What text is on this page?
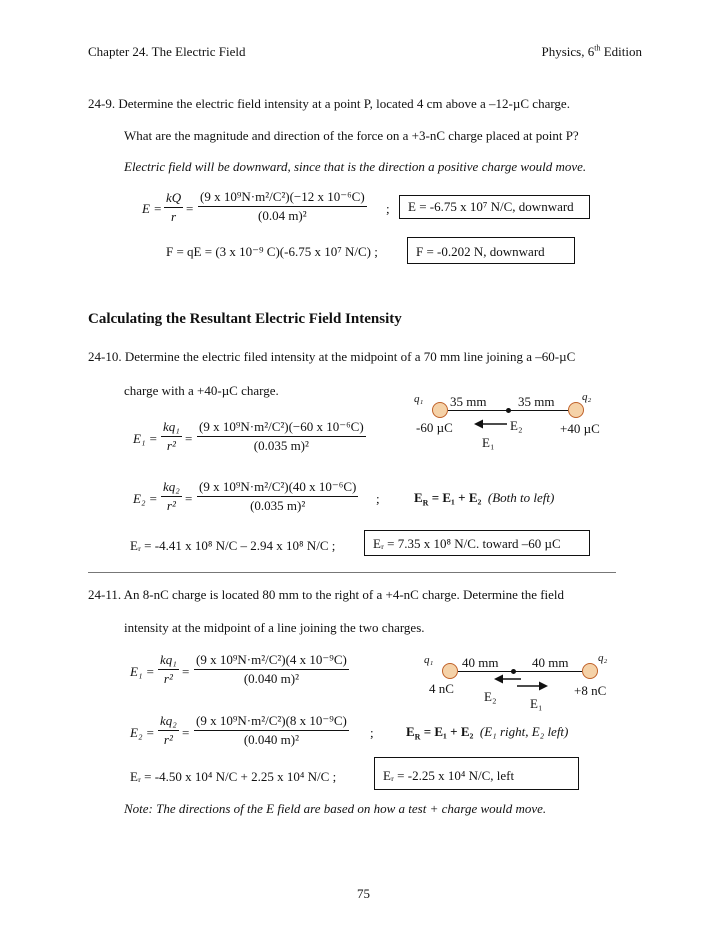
Chapter 24. The Electric Field	Physics, 6th Edition
24-9. Determine the electric field intensity at a point P, located 4 cm above a –12-µC charge.
What are the magnitude and direction of the force on a +3-nC charge placed at point P?
Electric field will be downward, since that is the direction a positive charge would move.
$E = \frac{kQ}{r} = \frac{\text{(9 x 10⁹N·m²/C²)(−12 x 10⁻⁶C)}}{\text{(0.04 m)²}}$ ;	E = -6.75 x 10⁷ N/C, downward
F = qE = (3 x 10⁻⁹ C)(-6.75 x 10⁷ N/C) ;	F = -0.202 N, downward
Calculating the Resultant Electric Field Intensity
24-10. Determine the electric filed intensity at the midpoint of a 70 mm line joining a –60-µC
charge with a +40-µC charge.
q₁ 35 mm 35 mm	q₂
E₂
E₁
-60 µC	+40 µC
$E_1 = \frac{\text{kq₁}}{\text{r²}} = \frac{\text{(9 x 10⁹N·m²/C²)(−60 x 10⁻⁶C)}}{\text{(0.035 m)²}}$
$E_2 = \frac{\text{kq₂}}{\text{r²}} = \frac{\text{(9 x 10⁹N·m²/C²)(40 x 10⁻⁶C)}}{\text{(0.035 m)²}}$ ;	$E_R = E_1 + E_2$ (Both to left)
Eᵣ = -4.41 x 10⁸ N/C – 2.94 x 10⁸ N/C ;	Eᵣ = 7.35 x 10⁸ N/C. toward –60 µC
24-11. An 8-nC charge is located 80 mm to the right of a +4-nC charge. Determine the field
intensity at the midpoint of a line joining the two charges.
q₁ 40 mm	40 mm	q₂
4 nC
E₂	E₁
+8 nC
$E_1 = \frac{\text{kq₁}}{\text{r²}} = \frac{\text{(9 x 10⁹N·m²/C²)(4 x 10⁻⁹C)}}{\text{(0.040 m)²}}$
$E_2 = \frac{\text{kq₂}}{\text{r²}} = \frac{\text{(9 x 10⁹N·m²/C²)(8 x 10⁻⁹C)}}{\text{(0.040 m)²}}$ ; $E_R = E_1 + E_2$ (E₁ right, E₂ left)
Eᵣ = -4.50 x 10⁴ N/C + 2.25 x 10⁴ N/C ;	Eᵣ = -2.25 x 10⁴ N/C, left
Note: The directions of the E field are based on how a test + charge would move.
75
